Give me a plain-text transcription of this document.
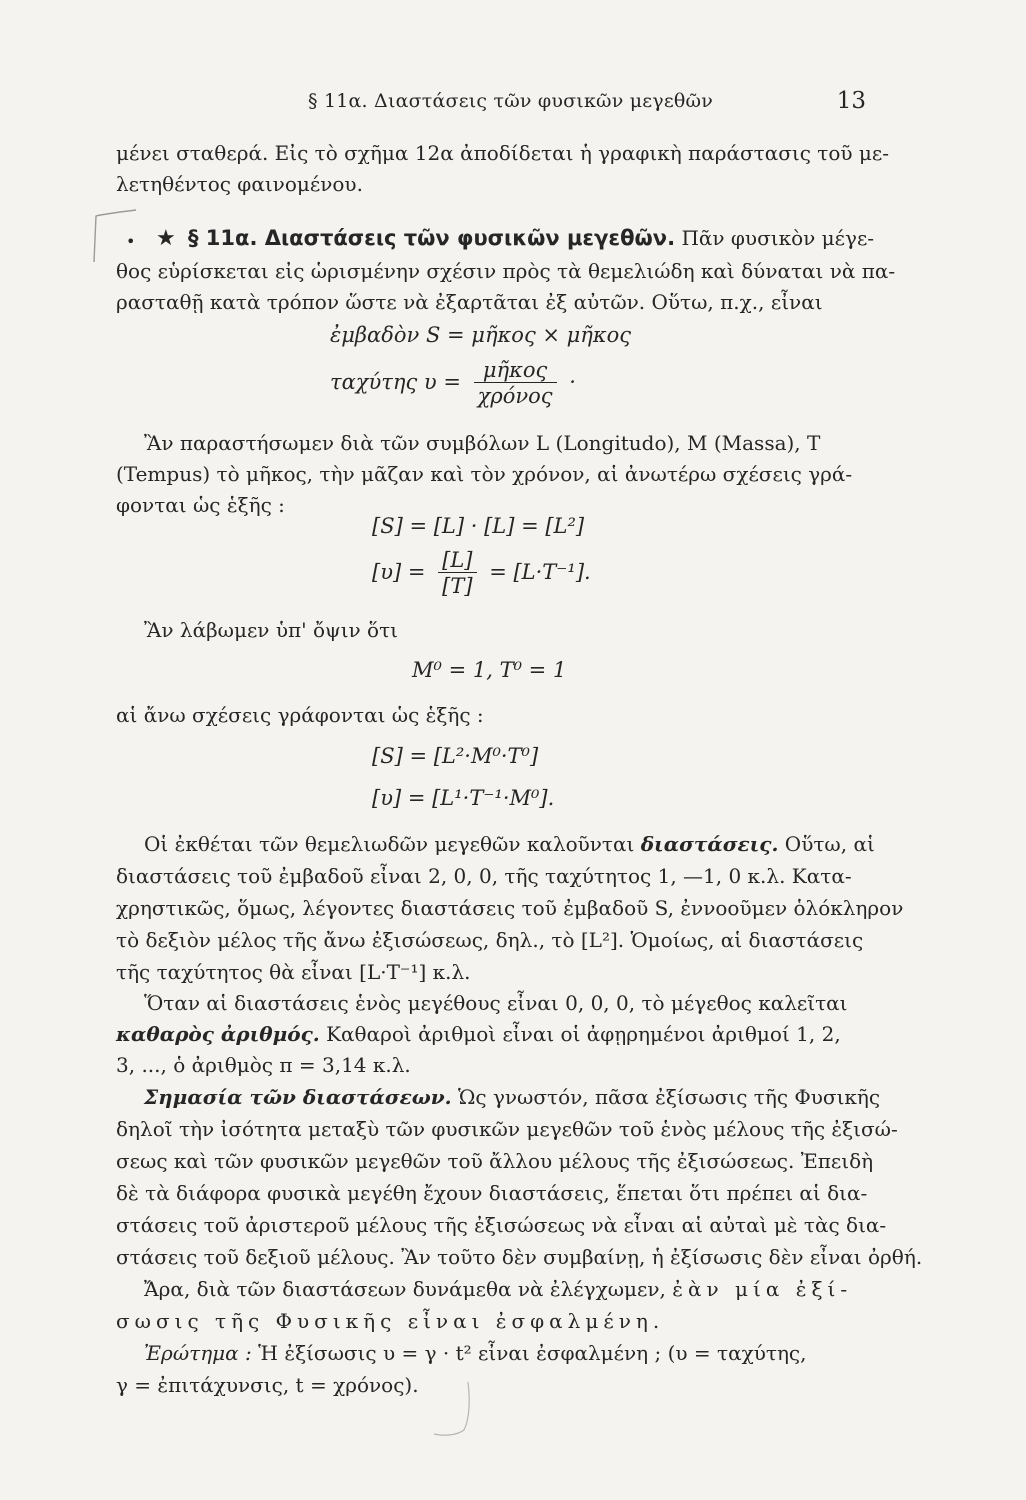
§ 11α. Διαστάσεις τῶν φυσικῶν μεγεθῶν	13
μένει σταθερά. Εἰς τὸ σχῆμα 12α ἀποδίδεται ἡ γραφικὴ παράστασις τοῦ με-
λετηθέντος φαινομένου.
• ★ § 11α. Διαστάσεις τῶν φυσικῶν μεγεθῶν. Πᾶν φυσικὸν μέγε-
θος εὑρίσκεται εἰς ὡρισμένην σχέσιν πρὸς τὰ θεμελιώδη καὶ δύναται νὰ πα-
ρασταθῇ κατὰ τρόπον ὥστε νὰ ἐξαρτᾶται ἐξ αὐτῶν. Οὕτω, π.χ., εἶναι
ἐμβαδὸν S = μῆκος × μῆκος
ταχύτης $\upsilon = \frac{\text{μῆκος}}{\text{χρόνος}}$ ·
Ἂν παραστήσωμεν διὰ τῶν συμβόλων L (Longitudo), M (Massa), T
(Tempus) τὸ μῆκος, τὴν μᾶζαν καὶ τὸν χρόνον, αἱ ἀνωτέρω σχέσεις γρά-
φονται ὡς ἑξῆς :
[S] = [L] · [L] = [L²]
$[\upsilon] = \frac{[L]}{[T]} = [L\cdot T^{-1}]$.
Ἂν λάβωμεν ὑπ' ὄψιν ὅτι
M⁰ = 1, T⁰ = 1
αἱ ἄνω σχέσεις γράφονται ὡς ἑξῆς :
[S] = [L²·M⁰·T⁰]
[υ] = [L¹·T⁻¹·M⁰].
Οἱ ἐκθέται τῶν θεμελιωδῶν μεγεθῶν καλοῦνται διαστάσεις. Οὕτω, αἱ
διαστάσεις τοῦ ἐμβαδοῦ εἶναι 2, 0, 0, τῆς ταχύτητος 1, —1, 0 κ.λ. Κατα-
χρηστικῶς, ὅμως, λέγοντες διαστάσεις τοῦ ἐμβαδοῦ S, ἐννοοῦμεν ὁλόκληρον
τὸ δεξιὸν μέλος τῆς ἄνω ἐξισώσεως, δηλ., τὸ [L²]. Ὁμοίως, αἱ διαστάσεις
τῆς ταχύτητος θὰ εἶναι [L·T⁻¹] κ.λ.
Ὅταν αἱ διαστάσεις ἑνὸς μεγέθους εἶναι 0, 0, 0, τὸ μέγεθος καλεῖται
καθαρὸς ἀριθμός. Καθαροὶ ἀριθμοὶ εἶναι οἱ ἀφῃρημένοι ἀριθμοί 1, 2,
3, ..., ὁ ἀριθμὸς π = 3,14 κ.λ.
Σημασία τῶν διαστάσεων. Ὡς γνωστόν, πᾶσα ἐξίσωσις τῆς Φυσικῆς
δηλοῖ τὴν ἰσότητα μεταξὺ τῶν φυσικῶν μεγεθῶν τοῦ ἑνὸς μέλους τῆς ἐξισώ-
σεως καὶ τῶν φυσικῶν μεγεθῶν τοῦ ἄλλου μέλους τῆς ἐξισώσεως. Ἐπειδὴ
δὲ τὰ διάφορα φυσικὰ μεγέθη ἔχουν διαστάσεις, ἕπεται ὅτι πρέπει αἱ δια-
στάσεις τοῦ ἀριστεροῦ μέλους τῆς ἐξισώσεως νὰ εἶναι αἱ αὐταὶ μὲ τὰς δια-
στάσεις τοῦ δεξιοῦ μέλους. Ἂν τοῦτο δὲν συμβαίνῃ, ἡ ἐξίσωσις δὲν εἶναι ὀρθή.
Ἄρα, διὰ τῶν διαστάσεων δυνάμεθα νὰ ἐλέγχωμεν, ἐὰν μία ἐξί-
σωσις τῆς Φυσικῆς εἶναι ἐσφαλμένη.
Ἐρώτημα : Ἡ ἐξίσωσις υ = γ · t² εἶναι ἐσφαλμένη ; (υ = ταχύτης,
γ = ἐπιτάχυνσις, t = χρόνος).
